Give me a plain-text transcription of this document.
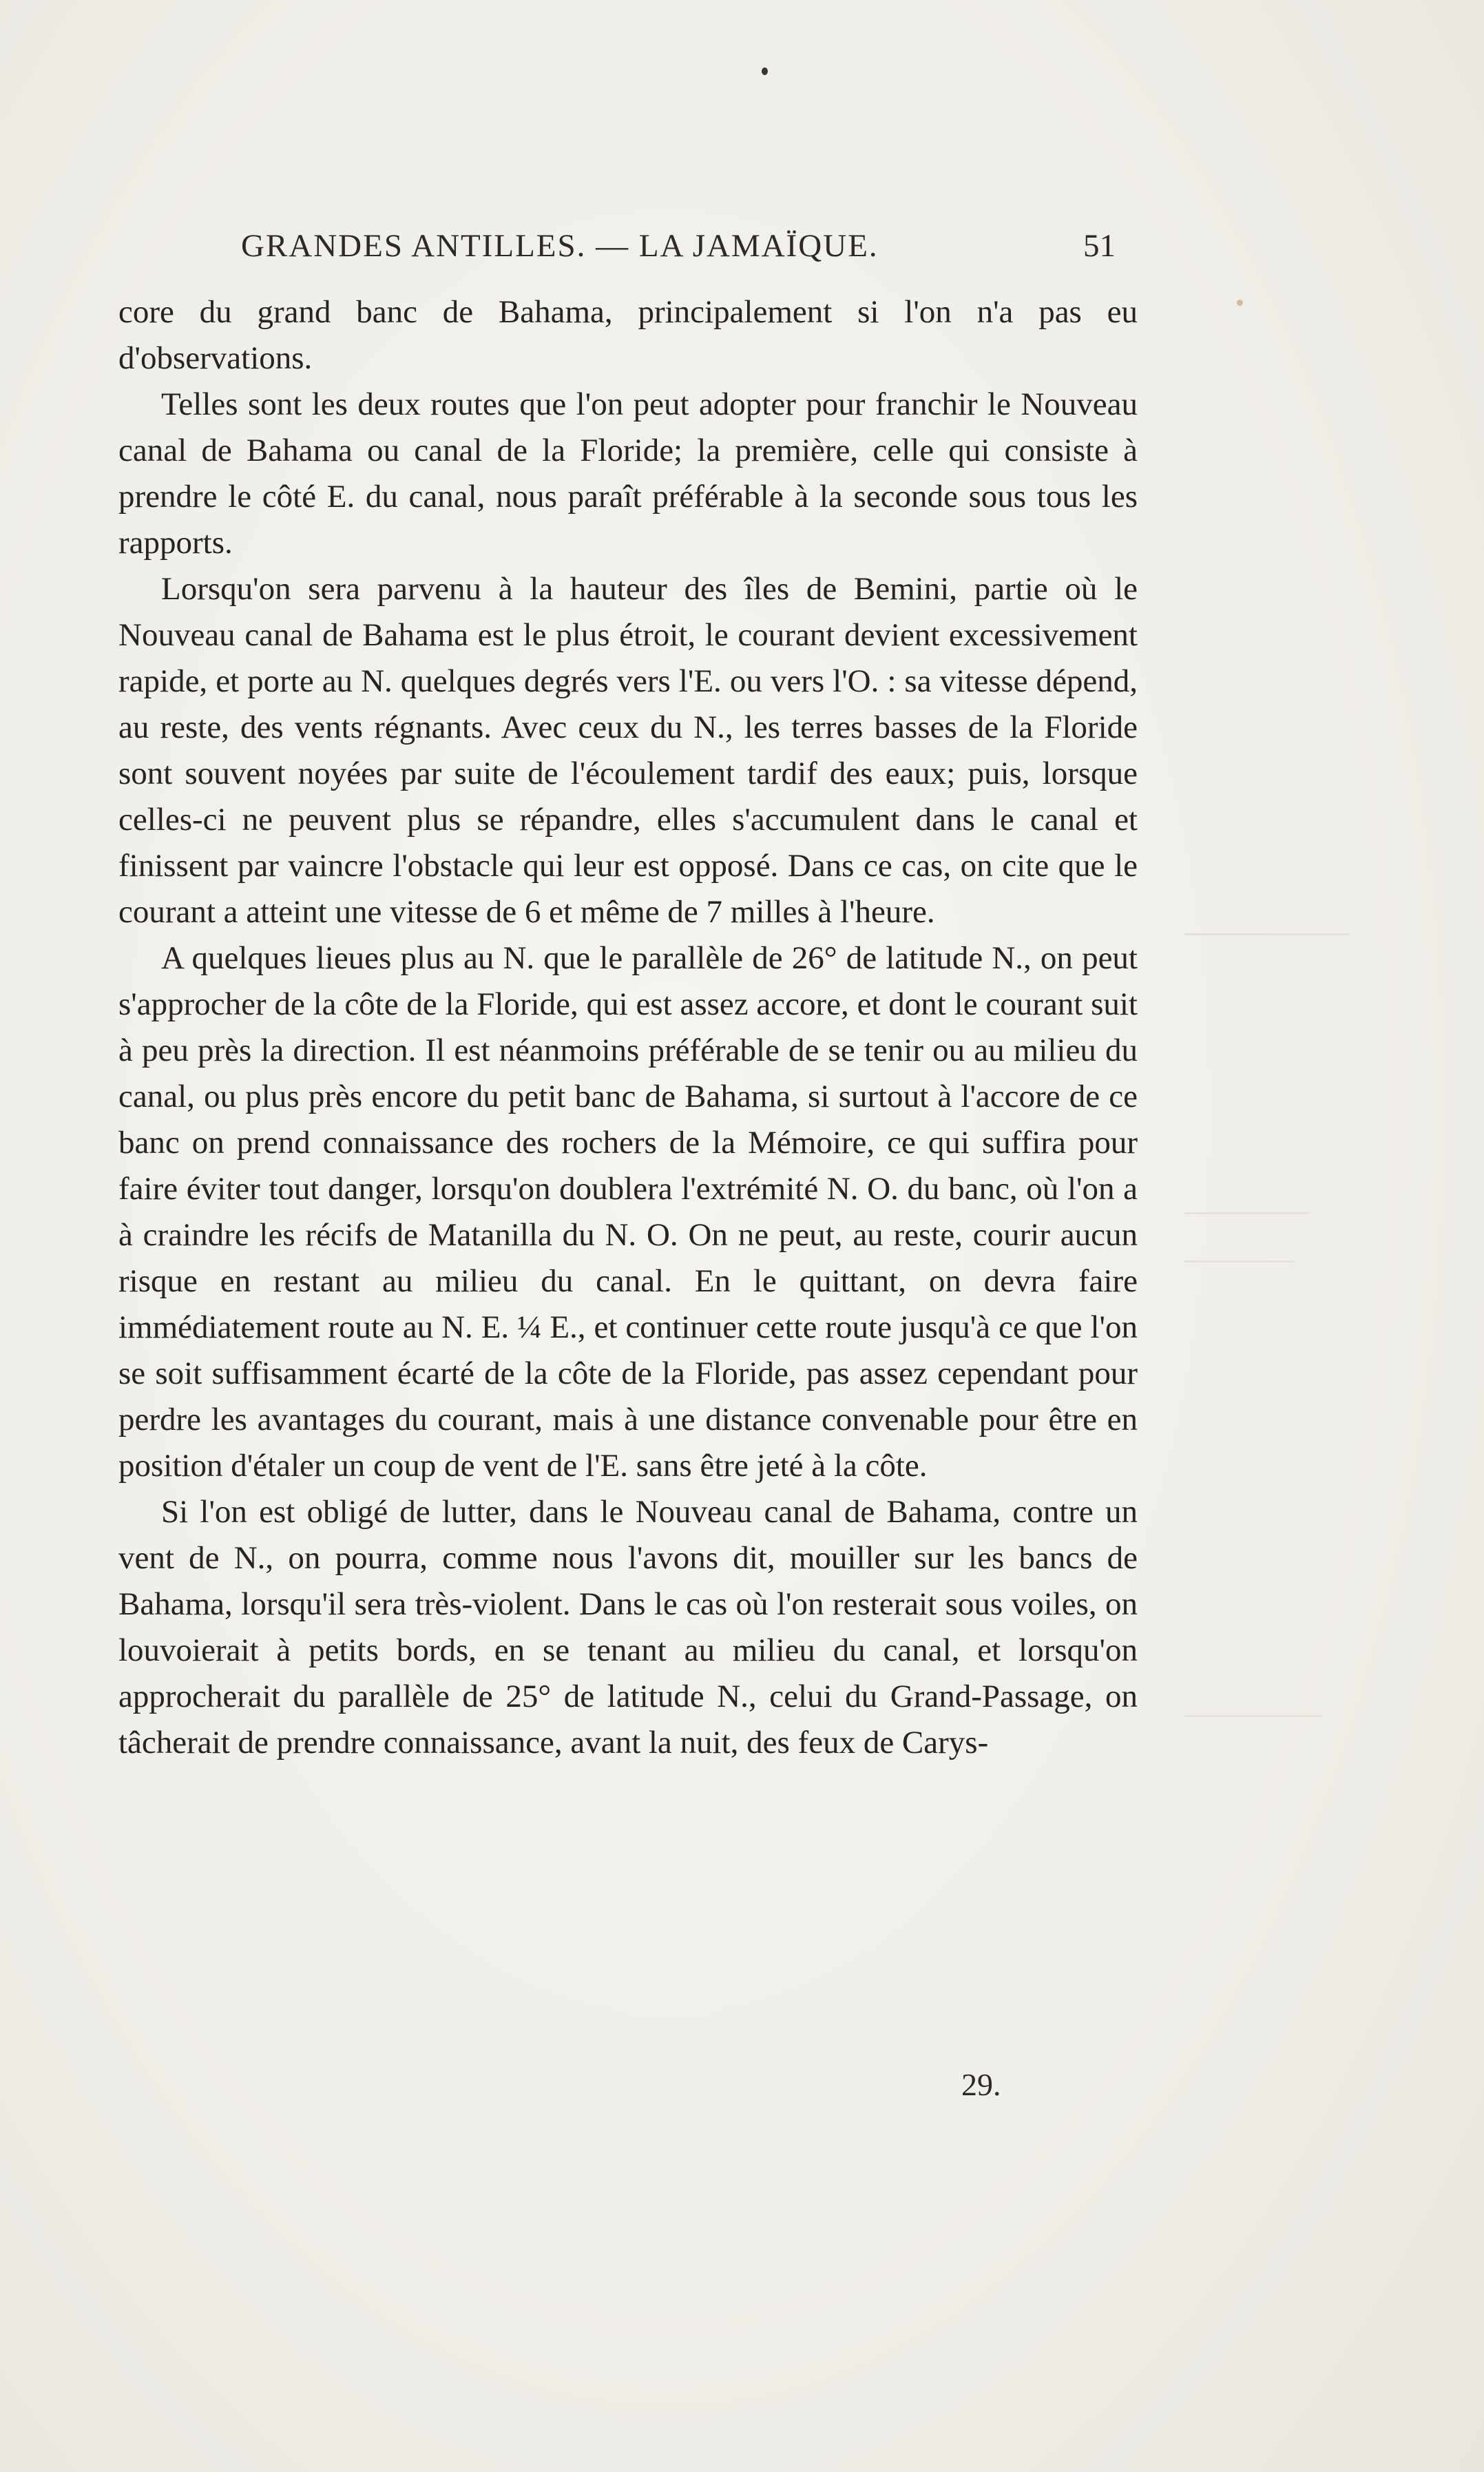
GRANDES ANTILLES. — LA JAMAÏQUE.	51

core du grand banc de Bahama, principalement si l'on n'a pas eu d'observations.

Telles sont les deux routes que l'on peut adopter pour franchir le Nouveau canal de Bahama ou canal de la Floride; la première, celle qui consiste à prendre le côté E. du canal, nous paraît préférable à la seconde sous tous les rapports.

Lorsqu'on sera parvenu à la hauteur des îles de Bemini, partie où le Nouveau canal de Bahama est le plus étroit, le courant devient excessivement rapide, et porte au N. quelques degrés vers l'E. ou vers l'O. : sa vitesse dépend, au reste, des vents régnants. Avec ceux du N., les terres basses de la Floride sont souvent noyées par suite de l'écoulement tardif des eaux; puis, lorsque celles-ci ne peuvent plus se répandre, elles s'accumulent dans le canal et finissent par vaincre l'obstacle qui leur est opposé. Dans ce cas, on cite que le courant a atteint une vitesse de 6 et même de 7 milles à l'heure.

A quelques lieues plus au N. que le parallèle de 26° de latitude N., on peut s'approcher de la côte de la Floride, qui est assez accore, et dont le courant suit à peu près la direction. Il est néanmoins préférable de se tenir ou au milieu du canal, ou plus près encore du petit banc de Bahama, si surtout à l'accore de ce banc on prend connaissance des rochers de la Mémoire, ce qui suffira pour faire éviter tout danger, lorsqu'on doublera l'extrémité N. O. du banc, où l'on a à craindre les récifs de Matanilla du N. O. On ne peut, au reste, courir aucun risque en restant au milieu du canal. En le quittant, on devra faire immédiatement route au N. E. ¼ E., et continuer cette route jusqu'à ce que l'on se soit suffisamment écarté de la côte de la Floride, pas assez cependant pour perdre les avantages du courant, mais à une distance convenable pour être en position d'étaler un coup de vent de l'E. sans être jeté à la côte.

Si l'on est obligé de lutter, dans le Nouveau canal de Bahama, contre un vent de N., on pourra, comme nous l'avons dit, mouiller sur les bancs de Bahama, lorsqu'il sera très-violent. Dans le cas où l'on resterait sous voiles, on louvoierait à petits bords, en se tenant au milieu du canal, et lorsqu'on approcherait du parallèle de 25° de latitude N., celui du Grand-Passage, on tâcherait de prendre connaissance, avant la nuit, des feux de Carys-

29.
